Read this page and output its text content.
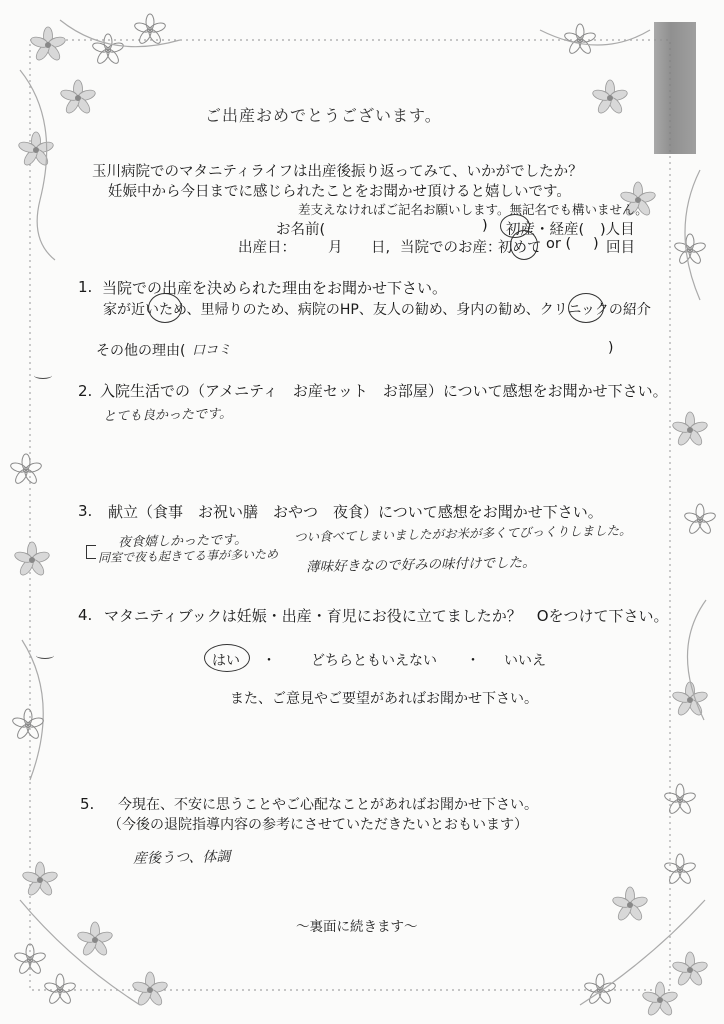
ご出産おめでとうございます。
玉川病院でのマタニティライフは出産後振り返ってみて、いかがでしたか？
妊娠中から今日までに感じられたことをお聞かせ頂けると嬉しいです。
差支えなければご記名お願いします。無記名でも構いません。
お名前(	) 初産・経産( )人目
出産日： 月 日, 当院でのお産：
初めて or ( ) 回目
1. 当院での出産を決められた理由をお聞かせ下さい。
家が近いため、里帰りのため、病院のHP、友人の勧め、身内の勧め、クリニックの紹介
その他の理由( 口コミ	)
2. 入院生活での（アメニティ　お産セット　お部屋）について感想をお聞かせ下さい。
とても良かったです。
3. 献立（食事　お祝い膳　おやつ　夜食）について感想をお聞かせ下さい。
夜食嬉しかったです。
同室で夜も起きてる事が多いため
つい食べてしまいましたがお米が多くてびっくりしました。
薄味好きなので好みの味付けでした。
4. マタニティブックは妊娠・出産・育児にお役に立てましたか？　Oをつけて下さい。
はい ・	どちらともいえない ・ いいえ
また、ご意見やご要望があればお聞かせ下さい。
5. 今現在、不安に思うことやご心配なことがあればお聞かせ下さい。
（今後の退院指導内容の参考にさせていただきたいとおもいます）
産後うつ、体調
～裏面に続きます～
